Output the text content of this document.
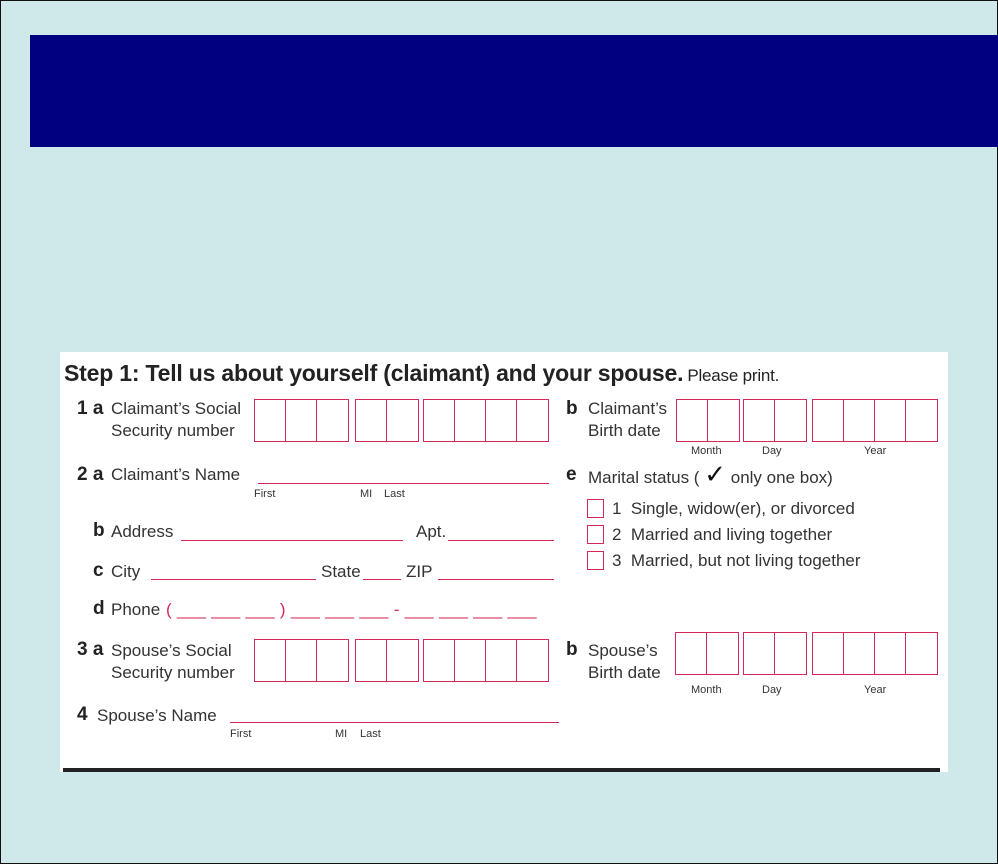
Step 1: Tell us about yourself (claimant) and your spouse. Please print.
1 a Claimant’s Social
Security number
b Claimant’s
Birth date
Month	Day	Year
2 a Claimant’s Name
First	MI Last
b Address	Apt.
c City	State	ZIP
d Phone ( ___ ___ ___ ) ___ ___ ___ - ___ ___ ___ ___
e Marital status ( ✓ only one box)
1 Single, widow(er), or divorced
2 Married and living together
3 Married, but not living together
3 a Spouse’s Social
Security number
b Spouse’s
Birth date
Month	Day	Year
4 Spouse’s Name
First	MI Last
